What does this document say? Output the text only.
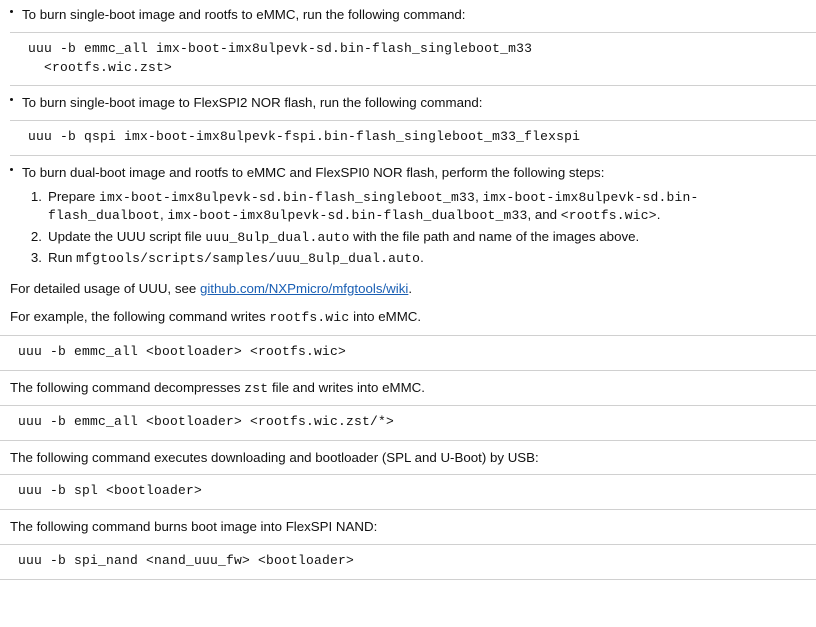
To burn single-boot image and rootfs to eMMC, run the following command:
uuu -b emmc_all imx-boot-imx8ulpevk-sd.bin-flash_singleboot_m33
<rootfs.wic.zst>
To burn single-boot image to FlexSPI2 NOR flash, run the following command:
uuu -b qspi imx-boot-imx8ulpevk-fspi.bin-flash_singleboot_m33_flexspi
To burn dual-boot image and rootfs to eMMC and FlexSPI0 NOR flash, perform the following steps:
1. Prepare imx-boot-imx8ulpevk-sd.bin-flash_singleboot_m33, imx-boot-imx8ulpevk-sd.bin-flash_dualboot, imx-boot-imx8ulpevk-sd.bin-flash_dualboot_m33, and <rootfs.wic>.
2. Update the UUU script file uuu_8ulp_dual.auto with the file path and name of the images above.
3. Run mfgtools/scripts/samples/uuu_8ulp_dual.auto.
For detailed usage of UUU, see github.com/NXPmicro/mfgtools/wiki.
For example, the following command writes rootfs.wic into eMMC.
uuu -b emmc_all <bootloader> <rootfs.wic>
The following command decompresses zst file and writes into eMMC.
uuu -b emmc_all <bootloader> <rootfs.wic.zst/*>
The following command executes downloading and bootloader (SPL and U-Boot) by USB:
uuu -b spl <bootloader>
The following command burns boot image into FlexSPI NAND:
uuu -b spi_nand <nand_uuu_fw> <bootloader>
